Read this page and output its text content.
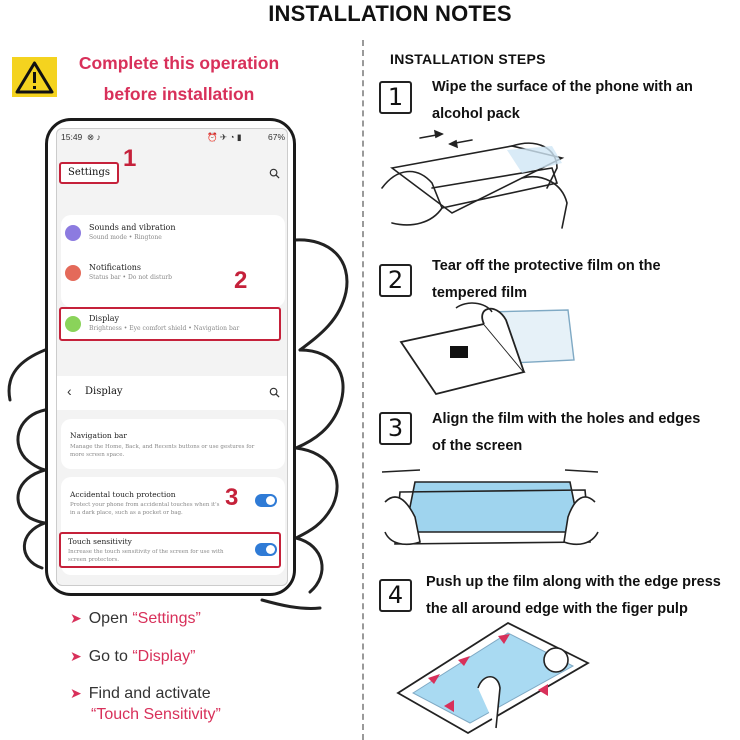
INSTALLATION NOTES
Complete this operation
before installation
15:49 ⊗ ♪	⏰ ✈ ◔ ▮	67%
Settings
1
Sounds and vibration
Sound mode • Ringtone
Notifications
Status bar • Do not disturb	2
Display
Brightness • Eye comfort shield • Navigation bar
‹ Display
Navigation bar
Manage the Home, Back, and Recents buttons or use gestures for more screen space.
Accidental touch protection
Protect your phone from accidental touches when it's in a dark place, such as a pocket or bag.
Touch sensitivity
Increase the touch sensitivity of the screen for use with screen protectors.
3
➤ Open “Settings”
➤ Go to “Display”
➤ Find and activate
“Touch Sensitivity”
INSTALLATION STEPS
1	Wipe the surface of the phone with an
alcohol pack
2	Tear off the protective film on the
tempered film
3	Align the film with the holes and edges
of the screen
4	Push up the film along with the edge press
the all around edge with the figer pulp
